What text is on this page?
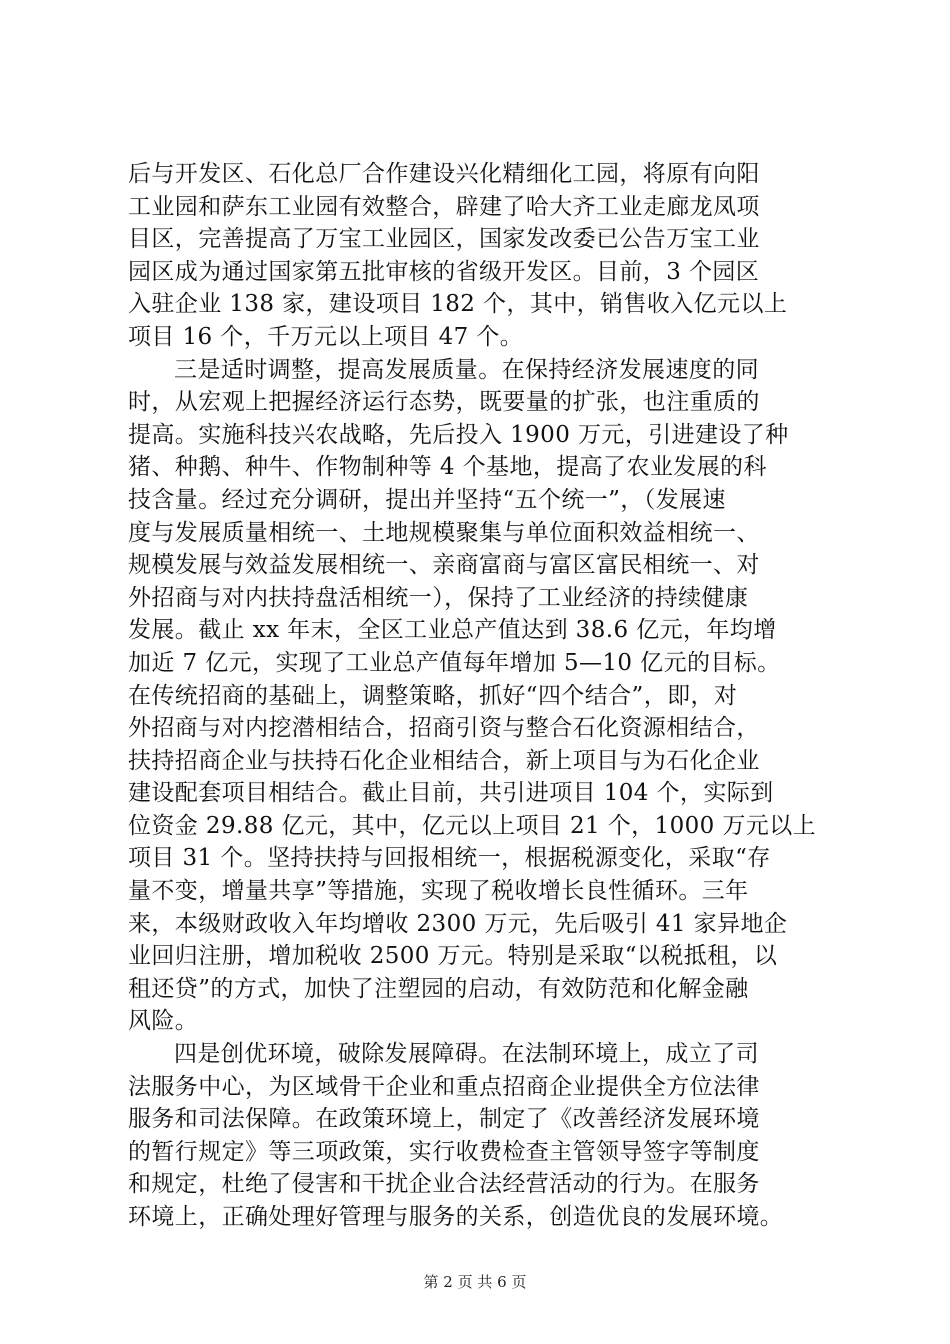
后与开发区、石化总厂合作建设兴化精细化工园，将原有向阳
工业园和萨东工业园有效整合，辟建了哈大齐工业走廊龙凤项
目区，完善提高了万宝工业园区，国家发改委已公告万宝工业
园区成为通过国家第五批审核的省级开发区。目前，3 个园区
入驻企业 138 家，建设项目 182 个，其中，销售收入亿元以上
项目 16 个，千万元以上项目 47 个。
三是适时调整，提高发展质量。在保持经济发展速度的同
时，从宏观上把握经济运行态势，既要量的扩张，也注重质的
提高。实施科技兴农战略，先后投入 1900 万元，引进建设了种
猪、种鹅、种牛、作物制种等 4 个基地，提高了农业发展的科
技含量。经过充分调研，提出并坚持“五个统一”，（发展速
度与发展质量相统一、土地规模聚集与单位面积效益相统一、
规模发展与效益发展相统一、亲商富商与富区富民相统一、对
外招商与对内扶持盘活相统一），保持了工业经济的持续健康
发展。截止 xx 年末，全区工业总产值达到 38.6 亿元，年均增
加近 7 亿元，实现了工业总产值每年增加 5—10 亿元的目标。
在传统招商的基础上，调整策略，抓好“四个结合”，即，对
外招商与对内挖潜相结合，招商引资与整合石化资源相结合，
扶持招商企业与扶持石化企业相结合，新上项目与为石化企业
建设配套项目相结合。截止目前，共引进项目 104 个，实际到
位资金 29.88 亿元，其中，亿元以上项目 21 个，1000 万元以上
项目 31 个。坚持扶持与回报相统一，根据税源变化，采取“存
量不变，增量共享”等措施，实现了税收增长良性循环。三年
来，本级财政收入年均增收 2300 万元，先后吸引 41 家异地企
业回归注册，增加税收 2500 万元。特别是采取“以税抵租，以
租还贷”的方式，加快了注塑园的启动，有效防范和化解金融
风险。
四是创优环境，破除发展障碍。在法制环境上，成立了司
法服务中心，为区域骨干企业和重点招商企业提供全方位法律
服务和司法保障。在政策环境上，制定了《改善经济发展环境
的暂行规定》等三项政策，实行收费检查主管领导签字等制度
和规定，杜绝了侵害和干扰企业合法经营活动的行为。在服务
环境上，正确处理好管理与服务的关系，创造优良的发展环境。
第 2 页 共 6 页
